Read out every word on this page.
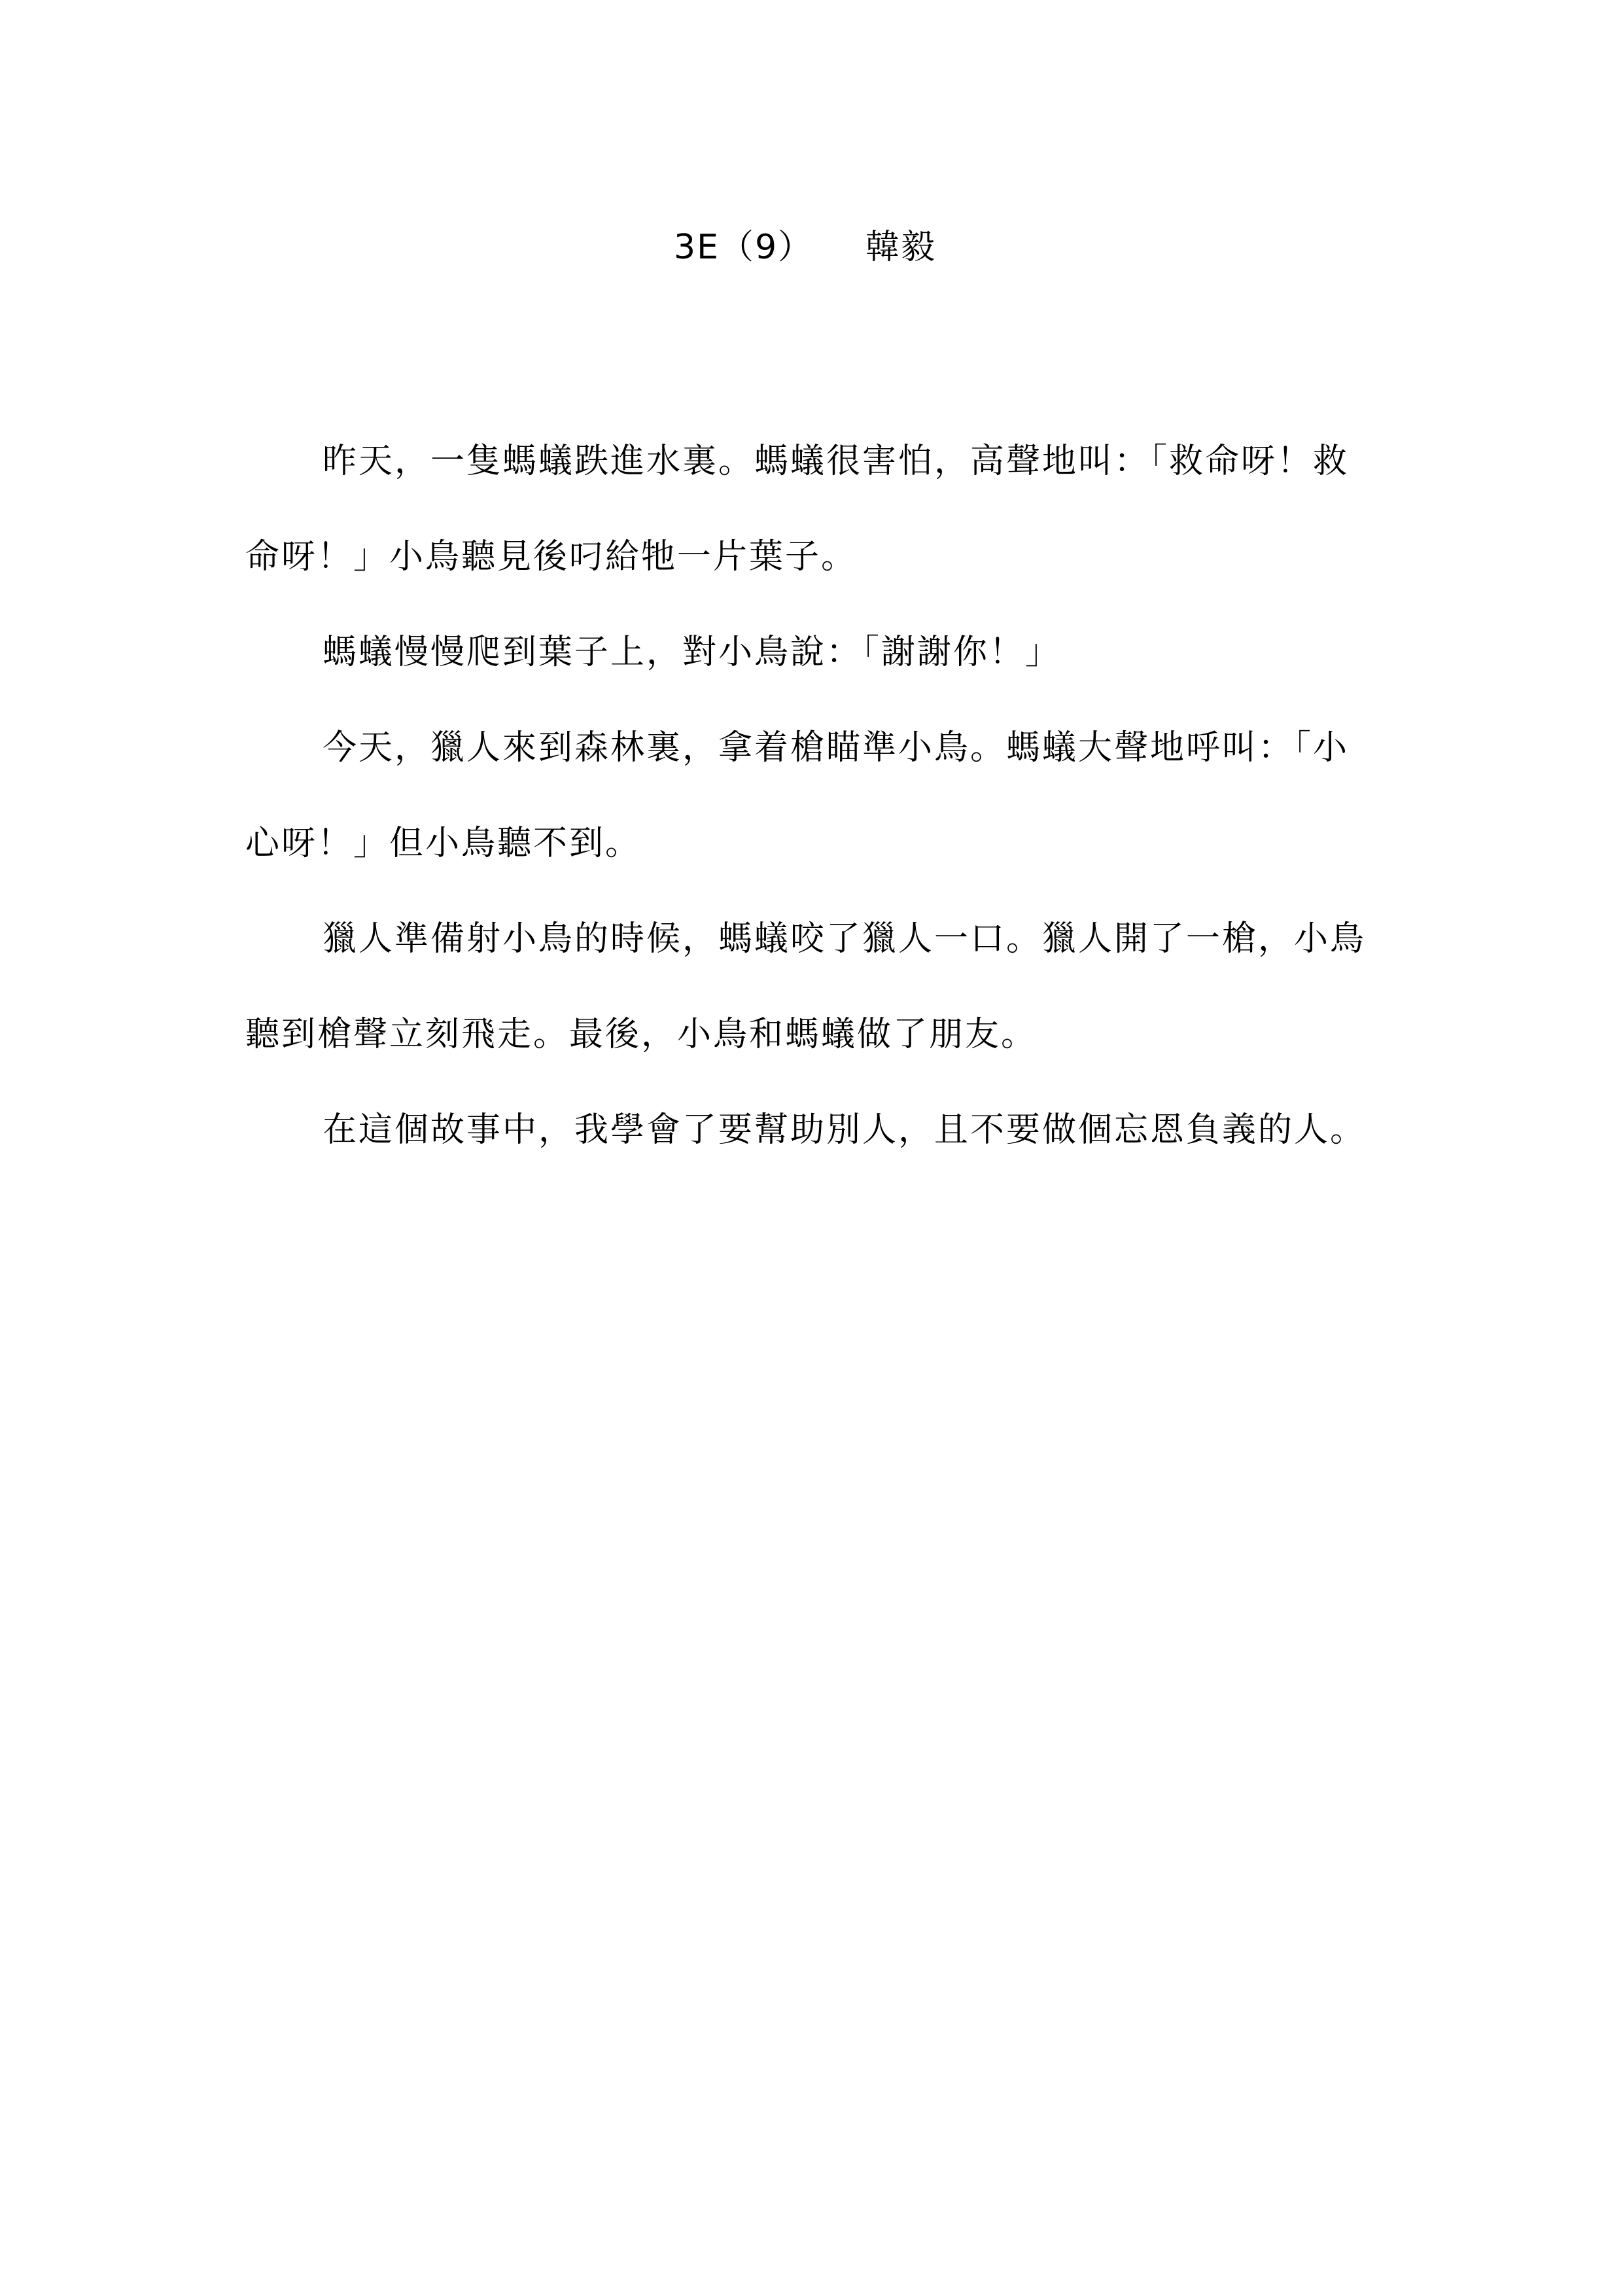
3E（9） 韓毅

昨天，一隻螞蟻跌進水裏。螞蟻很害怕，高聲地叫：「救命呀！救命呀！」小鳥聽見後叼給牠一片葉子。

螞蟻慢慢爬到葉子上，對小鳥說：「謝謝你！」

今天，獵人來到森林裏，拿着槍瞄準小鳥。螞蟻大聲地呼叫：「小心呀！」但小鳥聽不到。

獵人準備射小鳥的時候，螞蟻咬了獵人一口。獵人開了一槍，小鳥聽到槍聲立刻飛走。最後，小鳥和螞蟻做了朋友。

在這個故事中，我學會了要幫助別人，且不要做個忘恩負義的人。
